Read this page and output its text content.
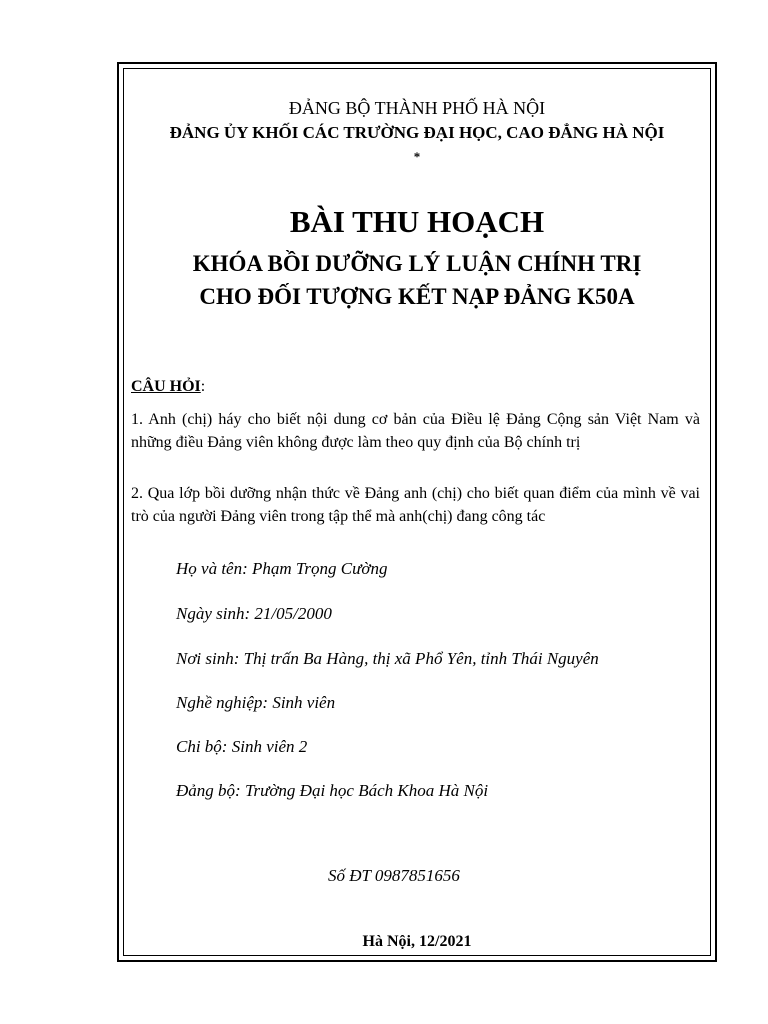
ĐẢNG BỘ THÀNH PHỐ HÀ NỘI
ĐẢNG ỦY KHỐI CÁC TRƯỜNG ĐẠI HỌC, CAO ĐẲNG HÀ NỘI
*
BÀI THU HOẠCH
KHÓA BỒI DƯỠNG LÝ LUẬN CHÍNH TRỊ
CHO ĐỐI TƯỢNG KẾT NẠP ĐẢNG K50A
CÂU HỎI:
1. Anh (chị) háy cho biết nội dung cơ bản của Điều lệ Đảng Cộng sản Việt Nam và những điều Đảng viên không được làm theo quy định của Bộ chính trị
2. Qua lớp bồi dưỡng nhận thức về Đảng anh (chị) cho biết quan điểm của mình về vai trò của người Đảng viên trong tập thể mà anh(chị) đang công tác
Họ và tên: Phạm Trọng Cường
Ngày sinh: 21/05/2000
Nơi sinh: Thị trấn Ba Hàng, thị xã Phổ Yên, tỉnh Thái Nguyên
Nghề nghiệp: Sinh viên
Chi bộ: Sinh viên 2
Đảng bộ: Trường Đại học Bách Khoa Hà Nội
Số ĐT 0987851656
Hà Nội, 12/2021
